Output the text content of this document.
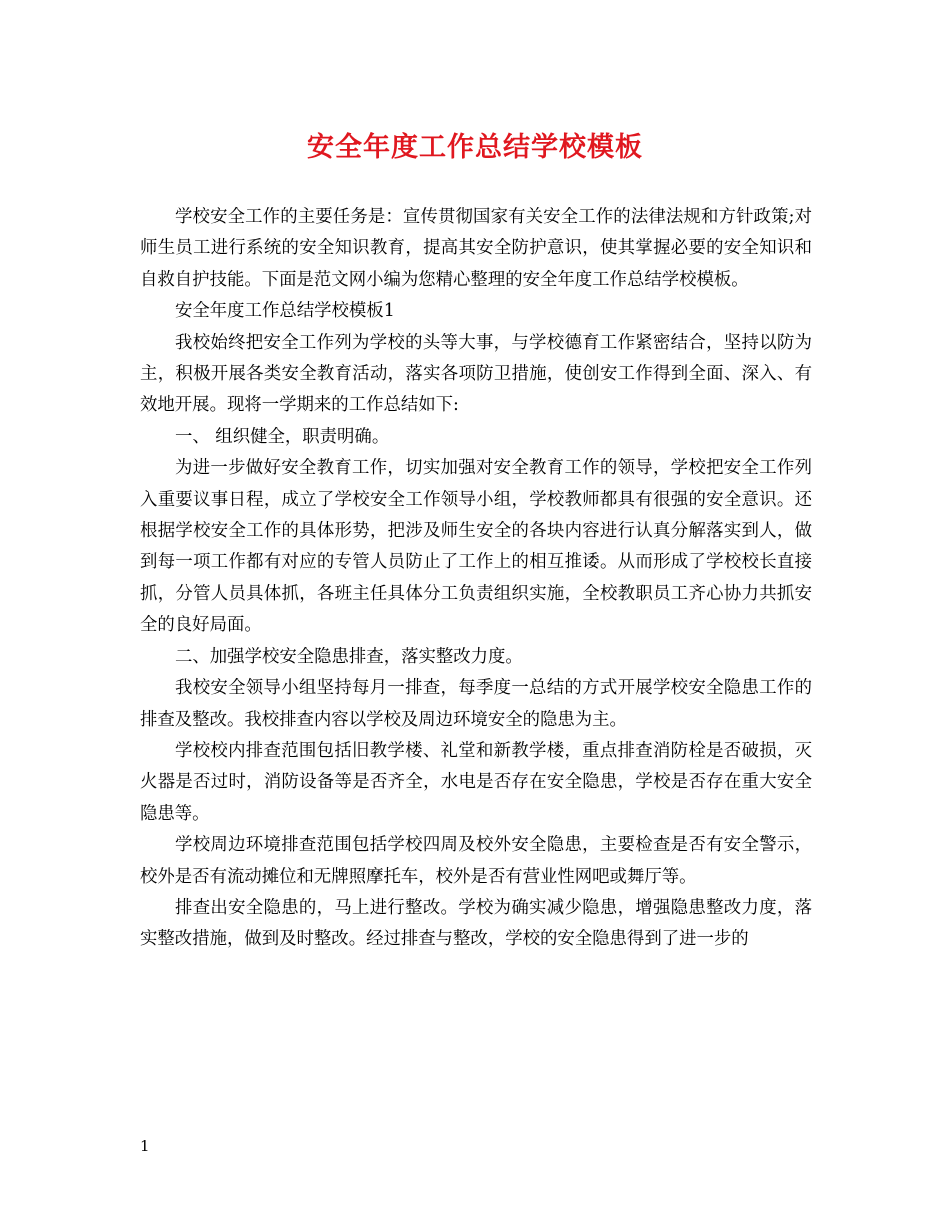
安全年度工作总结学校模板

学校安全工作的主要任务是：宣传贯彻国家有关安全工作的法律法规和方针政策;对师生员工进行系统的安全知识教育，提高其安全防护意识，使其掌握必要的安全知识和自救自护技能。下面是范文网小编为您精心整理的安全年度工作总结学校模板。

安全年度工作总结学校模板1

我校始终把安全工作列为学校的头等大事，与学校德育工作紧密结合，坚持以防为主，积极开展各类安全教育活动，落实各项防卫措施，使创安工作得到全面、深入、有效地开展。现将一学期来的工作总结如下:

一、 组织健全，职责明确。

为进一步做好安全教育工作，切实加强对安全教育工作的领导，学校把安全工作列入重要议事日程，成立了学校安全工作领导小组，学校教师都具有很强的安全意识。还根据学校安全工作的具体形势，把涉及师生安全的各块内容进行认真分解落实到人，做到每一项工作都有对应的专管人员防止了工作上的相互推诿。从而形成了学校校长直接抓，分管人员具体抓，各班主任具体分工负责组织实施，全校教职员工齐心协力共抓安全的良好局面。

二、加强学校安全隐患排查，落实整改力度。

我校安全领导小组坚持每月一排查，每季度一总结的方式开展学校安全隐患工作的排查及整改。我校排查内容以学校及周边环境安全的隐患为主。

学校校内排查范围包括旧教学楼、礼堂和新教学楼，重点排查消防栓是否破损，灭火器是否过时，消防设备等是否齐全，水电是否存在安全隐患，学校是否存在重大安全隐患等。

学校周边环境排查范围包括学校四周及校外安全隐患，主要检查是否有安全警示，校外是否有流动摊位和无牌照摩托车，校外是否有营业性网吧或舞厅等。

排查出安全隐患的，马上进行整改。学校为确实减少隐患，增强隐患整改力度，落实整改措施，做到及时整改。经过排查与整改，学校的安全隐患得到了进一步的

1
